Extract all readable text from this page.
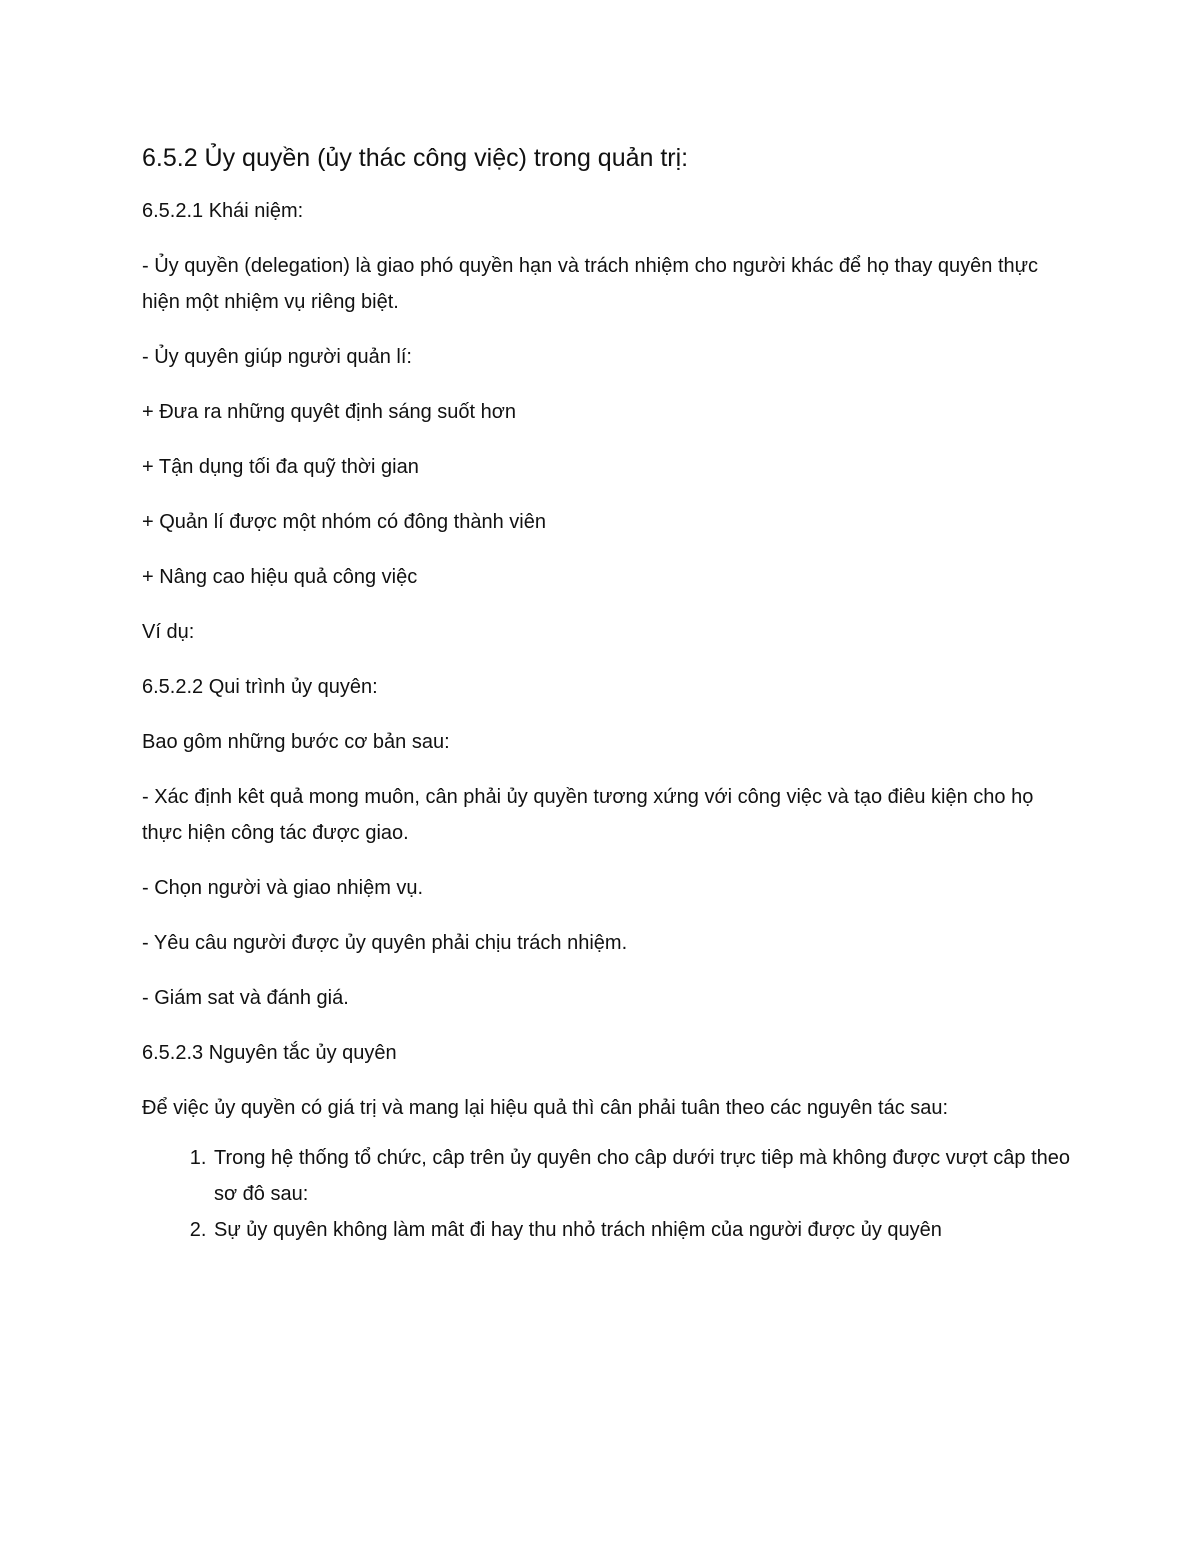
6.5.2 Ủy quyền (ủy thác công việc) trong quản trị:

6.5.2.1 Khái niệm:

- Ủy quyền (delegation) là giao phó quyền hạn và trách nhiệm cho người khác để họ thay quyên thực hiện một nhiệm vụ riêng biệt.

- Ủy quyên giúp người quản lí:

+ Đưa ra những quyêt định sáng suốt hơn

+ Tận dụng tối đa quỹ thời gian

+ Quản lí được một nhóm có đông thành viên

+ Nâng cao hiệu quả công việc

Ví dụ:

6.5.2.2 Qui trình ủy quyên:

Bao gôm những bước cơ bản sau:

- Xác định kêt quả mong muôn, cân phải ủy quyền tương xứng với công việc và tạo điêu kiện cho họ thực hiện công tác được giao.

- Chọn người và giao nhiệm vụ.

- Yêu câu người được ủy quyên phải chịu trách nhiệm.

- Giám sat và đánh giá.

6.5.2.3 Nguyên tắc ủy quyên

Để việc ủy quyền có giá trị và mang lại hiệu quả thì cân phải tuân theo các nguyên tác sau:

1. Trong hệ thống tổ chức, câp trên ủy quyên cho câp dưới trực tiêp mà không được vượt câp theo sơ đô sau:
2. Sự ủy quyên không làm mât đi hay thu nhỏ trách nhiệm của người được ủy quyên
